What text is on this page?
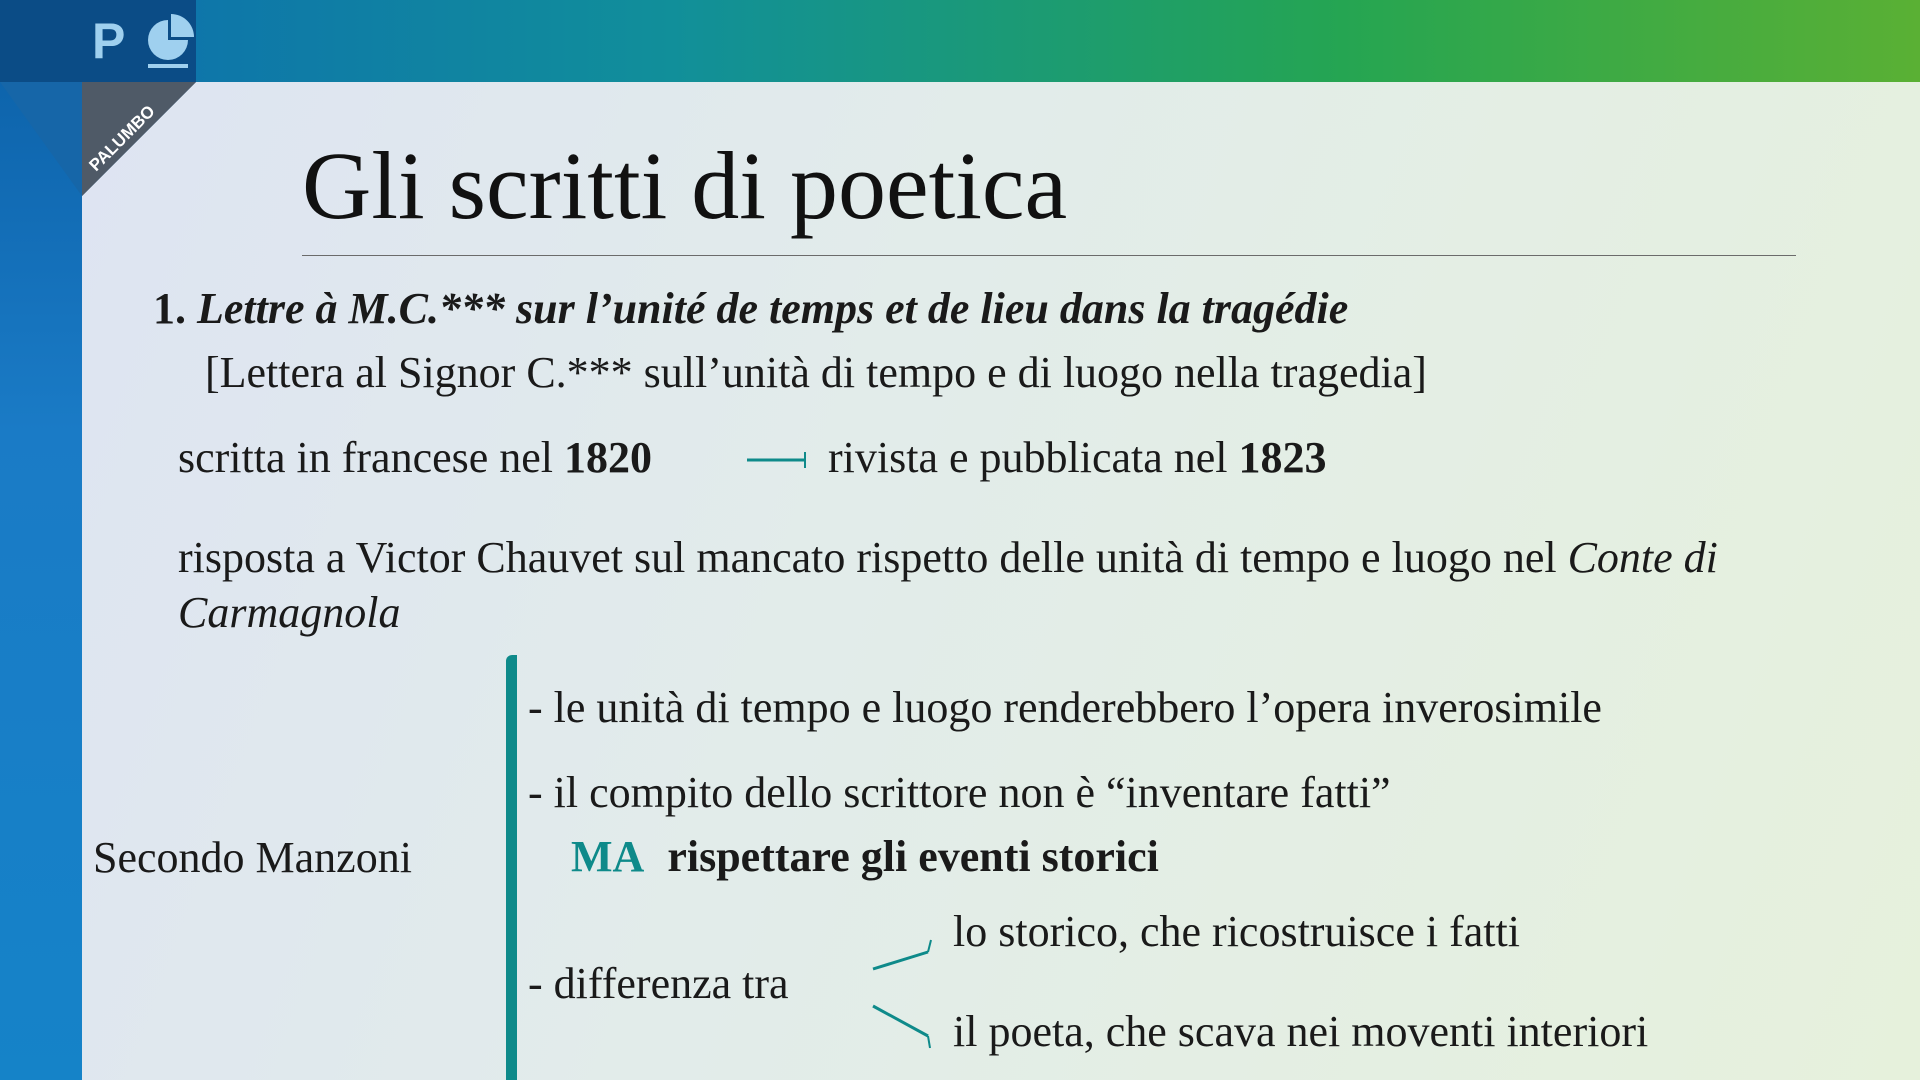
P
PALUMBO Gli scritti di poetica
1. Lettre à M.C.*** sur l’unité de temps et de lieu dans la tragédie
[Lettera al Signor C.*** sull’unità di tempo e di luogo nella tragedia]
scritta in francese nel 1820	rivista e pubblicata nel 1823
risposta a Victor Chauvet sul mancato rispetto delle unità di tempo e luogo nel Conte di
Carmagnola
Secondo Manzoni
- le unità di tempo e luogo renderebbero l’opera inverosimile
- il compito dello scrittore non è “inventare fatti”
MA rispettare gli eventi storici
- differenza tra
lo storico, che ricostruisce i fatti
il poeta, che scava nei moventi interiori
